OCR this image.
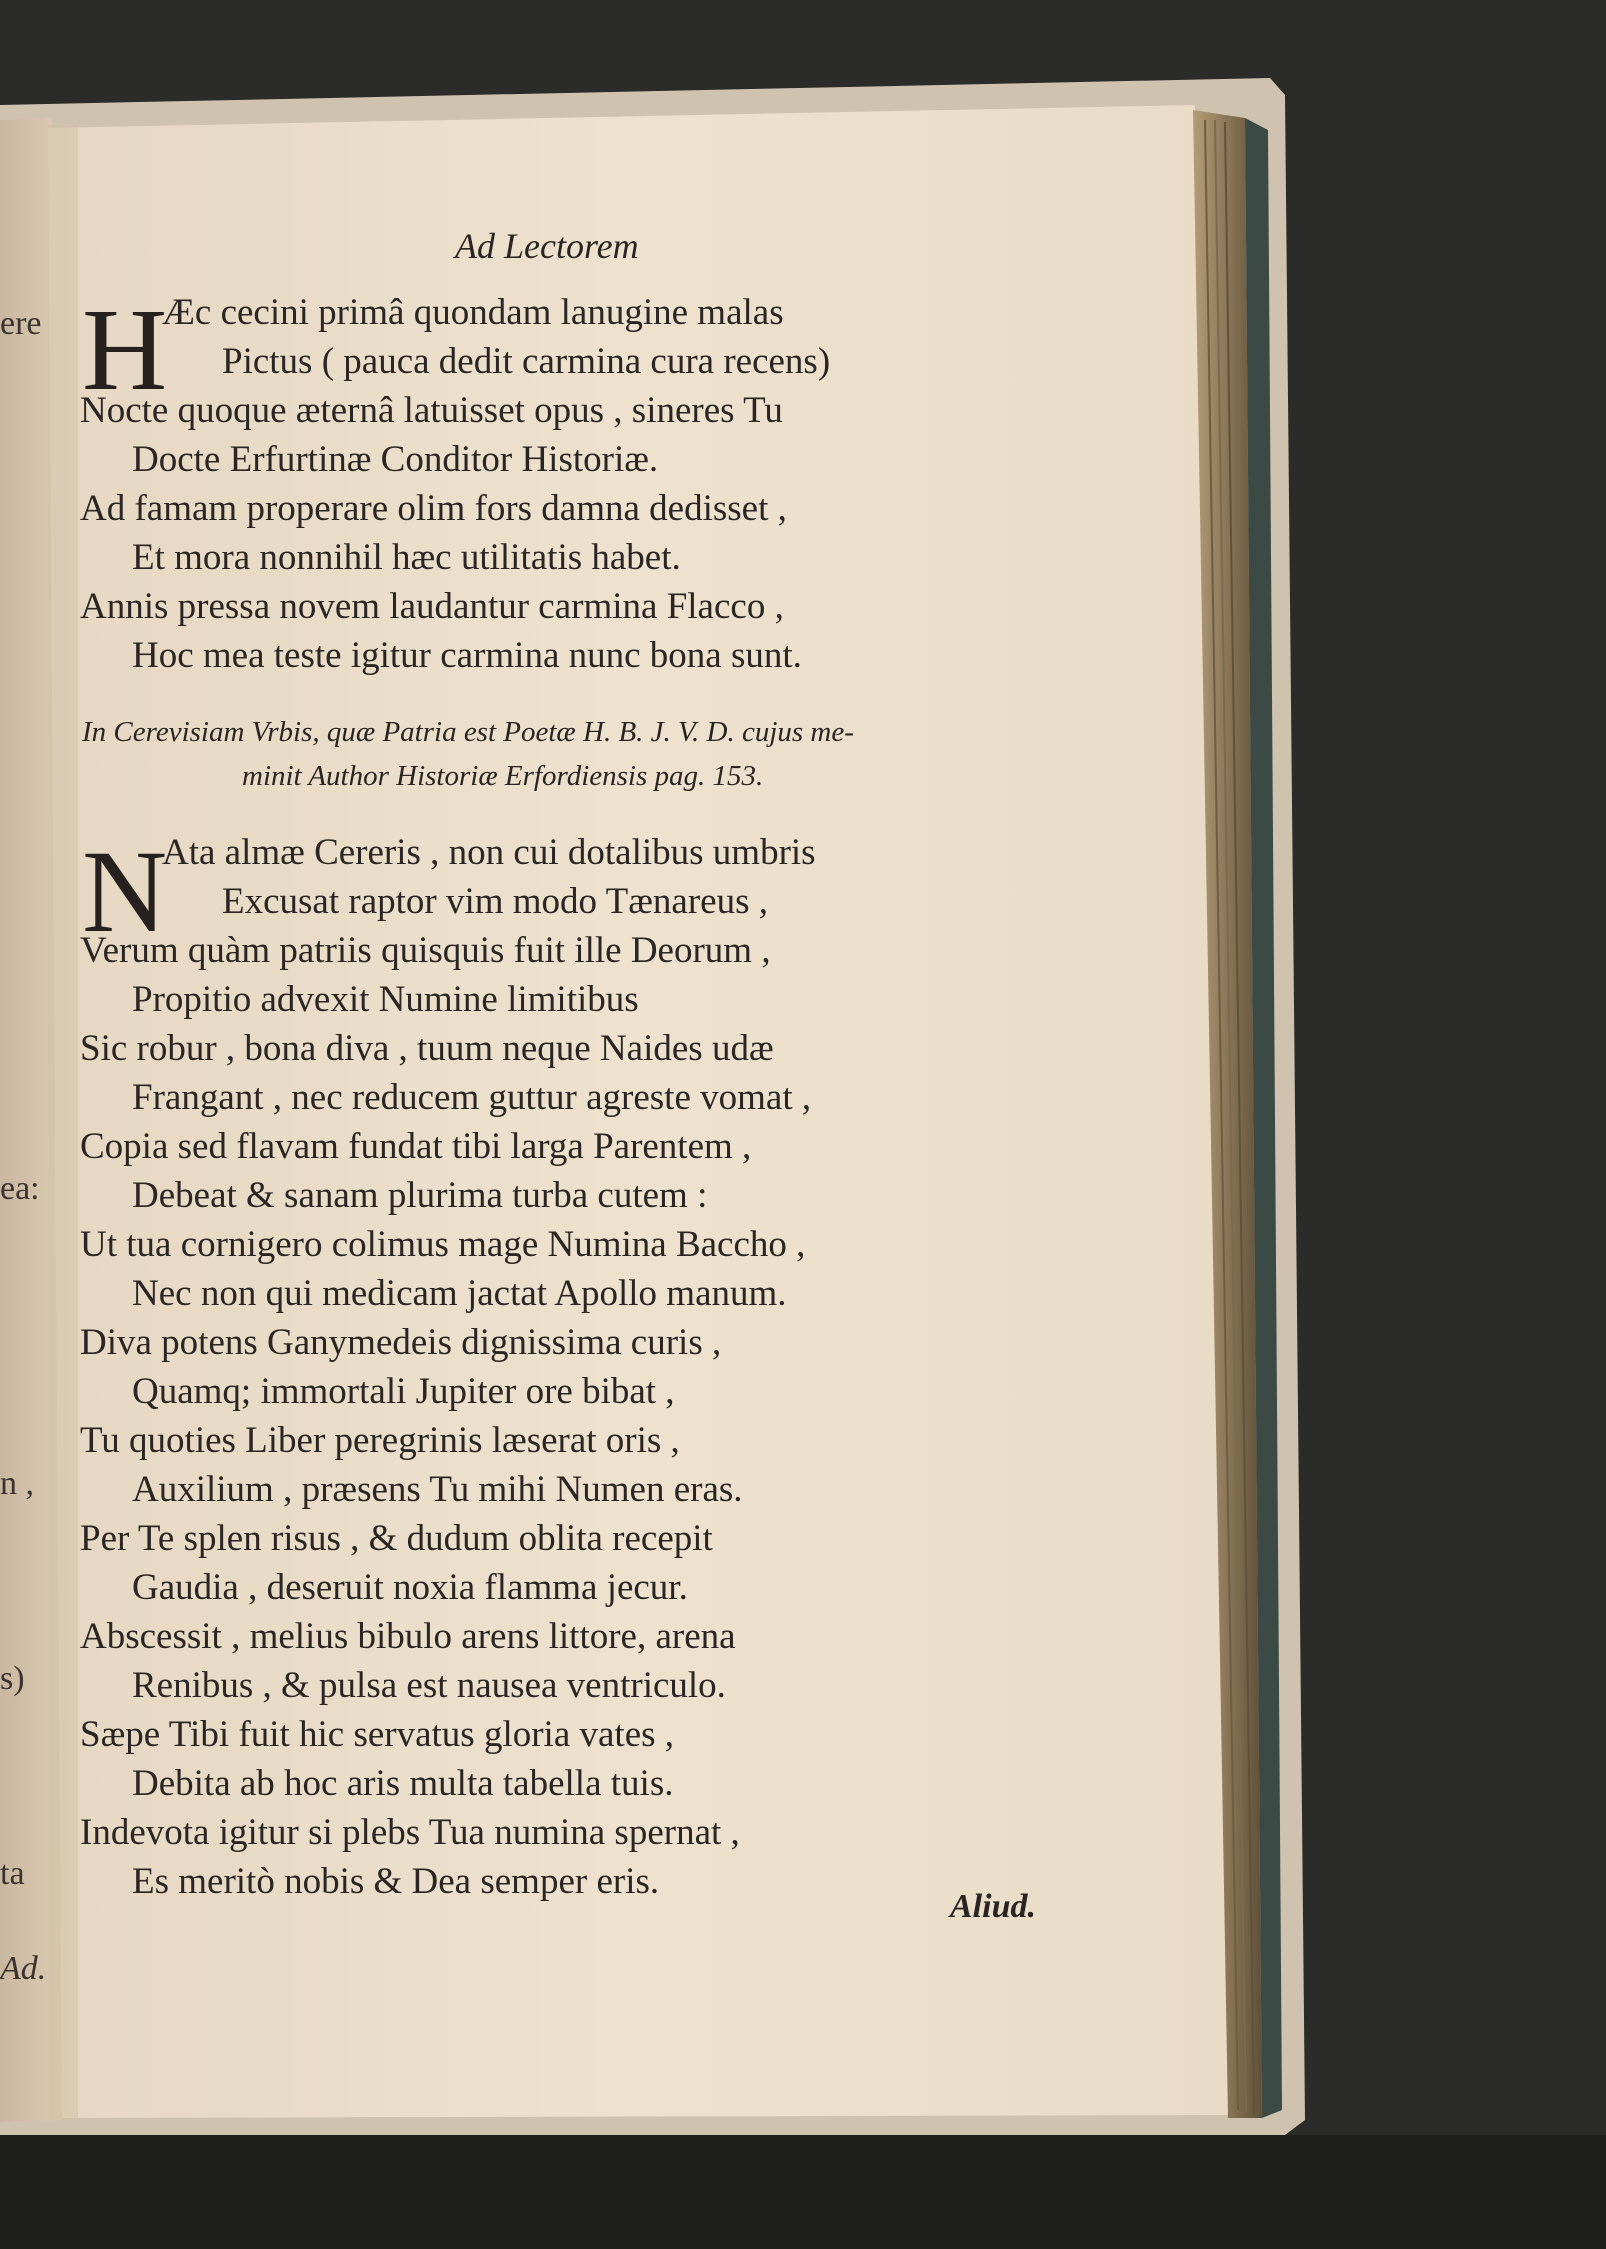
Ad Lectorem
H
Æc cecini primâ quondam lanugine malas
Pictus ( pauca dedit carmina cura recens)
Nocte quoque æternâ latuisset opus , sineres Tu
Docte Erfurtinæ Conditor Historiæ.
Ad famam properare olim fors damna dedisset ,
Et mora nonnihil hæc utilitatis habet.
Annis pressa novem laudantur carmina Flacco ,
Hoc mea teste igitur carmina nunc bona sunt.
In Cerevisiam Vrbis, quæ Patria est Poetæ H. B. J. V. D. cujus me-
minit Author Historiæ Erfordiensis pag. 153.
N
Ata almæ Cereris , non cui dotalibus umbris
Excusat raptor vim modo Tænareus ,
Verum quàm patriis quisquis fuit ille Deorum ,
Propitio advexit Numine limitibus
Sic robur , bona diva , tuum neque Naides udæ
Frangant , nec reducem guttur agreste vomat ,
Copia sed flavam fundat tibi larga Parentem ,
Debeat & sanam plurima turba cutem :
Ut tua cornigero colimus mage Numina Baccho ,
Nec non qui medicam jactat Apollo manum.
Diva potens Ganymedeis dignissima curis ,
Quamq; immortali Jupiter ore bibat ,
Tu quoties Liber peregrinis læserat oris ,
Auxilium , præsens Tu mihi Numen eras.
Per Te splen risus , & dudum oblita recepit
Gaudia , deseruit noxia flamma jecur.
Abscessit , melius bibulo arens littore, arena
Renibus , & pulsa est nausea ventriculo.
Sæpe Tibi fuit hic servatus gloria vates ,
Debita ab hoc aris multa tabella tuis.
Indevota igitur si plebs Tua numina spernat ,
Es meritò nobis & Dea semper eris.
Aliud.
ere
ea:
n ,
s)
ta
Ad.
